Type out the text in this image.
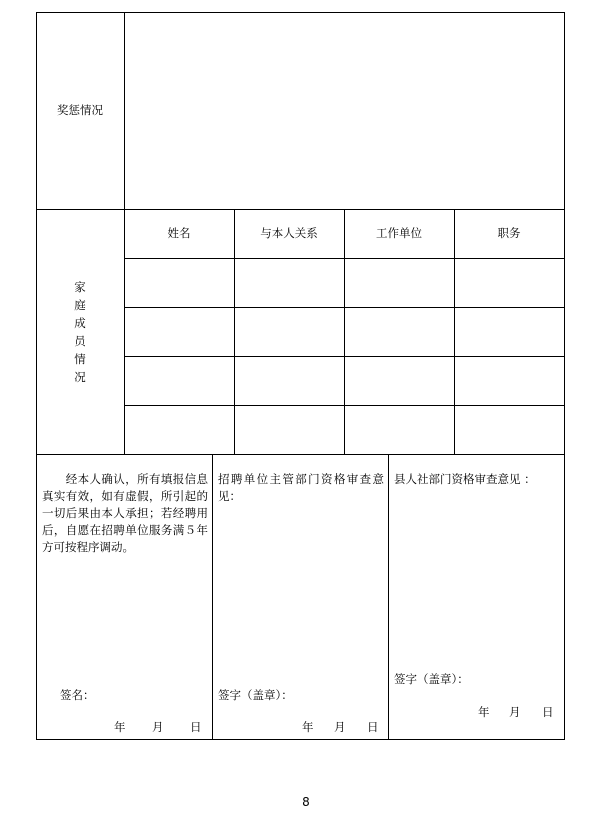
奖惩情况
家庭成员情况
姓名	与本人关系	工作单位	职务
　　经本人确认，所有填报信息真实有效，如有虚假，所引起的一切后果由本人承担；若经聘用后，自愿在招聘单位服务满５年方可按程序调动。
签名：
年 月 日
招聘单位主管部门资格审查意见：
签字（盖章）：
年 月 日
县人社部门资格审查意见 ：
签字（盖章）：
年 月 日
8
